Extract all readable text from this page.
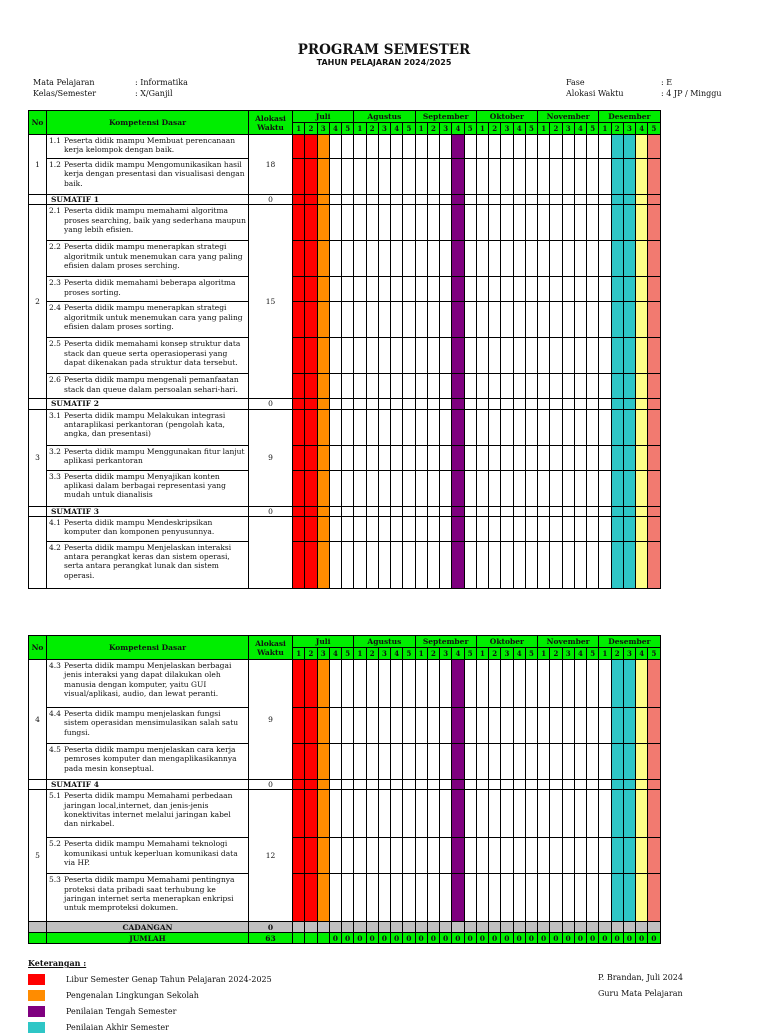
PROGRAM SEMESTER
TAHUN PELAJARAN 2024/2025
Mata Pelajaran	: Informatika
Kelas/Semester	: X/Ganjil
Fase	: E
Alokasi Waktu	: 4 JP / Minggu
No	Kompetensi Dasar	Alokasi Waktu	Juli					Agustus					September					Oktober					November					Desember				
			1	2	3	4	5	1	2	3	4	5	1	2	3	4	5	1	2	3	4	5	1	2	3	4	5	1	2	3	4	5
1	1.1 Peserta didik mampu Membuat perencanaan kerja kelompok dengan baik.	18																														

	1.2 Peserta didik mampu Mengomunikasikan hasil kerja dengan presentasi dan visualisasi dengan baik.																															

	SUMATIF 1	0																														
2	2.1 Peserta didik mampu memahami algoritma proses searching, baik yang sederhana maupun yang lebih efisien.	15																														

	2.2 Peserta didik mampu menerapkan strategi algoritmik untuk menemukan cara yang paling efisien dalam proses serching.																															

	2.3 Peserta didik memahami beberapa algoritma proses sorting.																															

	2.4 Peserta didik mampu menerapkan strategi algoritmik untuk menemukan cara yang paling efisien dalam proses sorting.																															

	2.5 Peserta didik memahami konsep struktur data stack dan queue serta operasioperasi yang dapat dikenakan pada struktur data tersebut.																															

	2.6 Peserta didik mampu mengenali pemanfaatan stack dan queue dalam persoalan sehari-hari.																															

	SUMATIF 2	0																														
3	3.1 Peserta didik mampu Melakukan integrasi antaraplikasi perkantoran (pengolah kata, angka, dan presentasi)	9																														

	3.2 Peserta didik mampu Menggunakan fitur lanjut aplikasi perkantoran																															

	3.3 Peserta didik mampu Menyajikan konten aplikasi dalam berbagai representasi yang mudah untuk dianalisis																															

	SUMATIF 3	0																														

	4.1 Peserta didik mampu Mendeskripsikan komputer dan komponen penyusunnya.																															

	4.2 Peserta didik mampu Menjelaskan interaksi antara perangkat keras dan sistem operasi, serta antara perangkat lunak dan sistem operasi.																															

No	Kompetensi Dasar	Alokasi Waktu	Juli					Agustus					September					Oktober					November					Desember				
			1	2	3	4	5	1	2	3	4	5	1	2	3	4	5	1	2	3	4	5	1	2	3	4	5	1	2	3	4	5
4	4.3 Peserta didik mampu Menjelaskan berbagai jenis interaksi yang dapat dilakukan oleh manusia dengan komputer, yaitu GUI visual/aplikasi, audio, dan lewat peranti.	9																														

	4.4 Peserta didik mampu menjelaskan fungsi sistem operasidan mensimulasikan salah satu fungsi.																															

	4.5 Peserta didik mampu menjelaskan cara kerja pemroses komputer dan mengaplikasikannya pada mesin konseptual.																															

	SUMATIF 4	0																														
5	5.1 Peserta didik mampu Memahami perbedaan jaringan local,internet, dan jenis-jenis konektivitas internet melalui jaringan kabel dan nirkabel.	12																														

	5.2 Peserta didik mampu Memahami teknologi komunikasi untuk keperluan komunikasi data via HP.																															

	5.3 Peserta didik mampu Memahami pentingnya proteksi data pribadi saat terhubung ke jaringan internet serta menerapkan enkripsi untuk memproteksi dokumen.																															

	CADANGAN	0																														
	JUMLAH	63				0	0	0	0	0	0	0	0	0	0	0	0	0	0	0	0	0	0	0	0	0	0	0	0	0	0	0
Keterangan :
Libur Semester Genap Tahun Pelajaran 2024-2025
Pengenalan Lingkungan Sekolah
Penilaian Tengah Semester
Penilaian Akhir Semester
P. Brandan, Juli 2024
Guru Mata Pelajaran
